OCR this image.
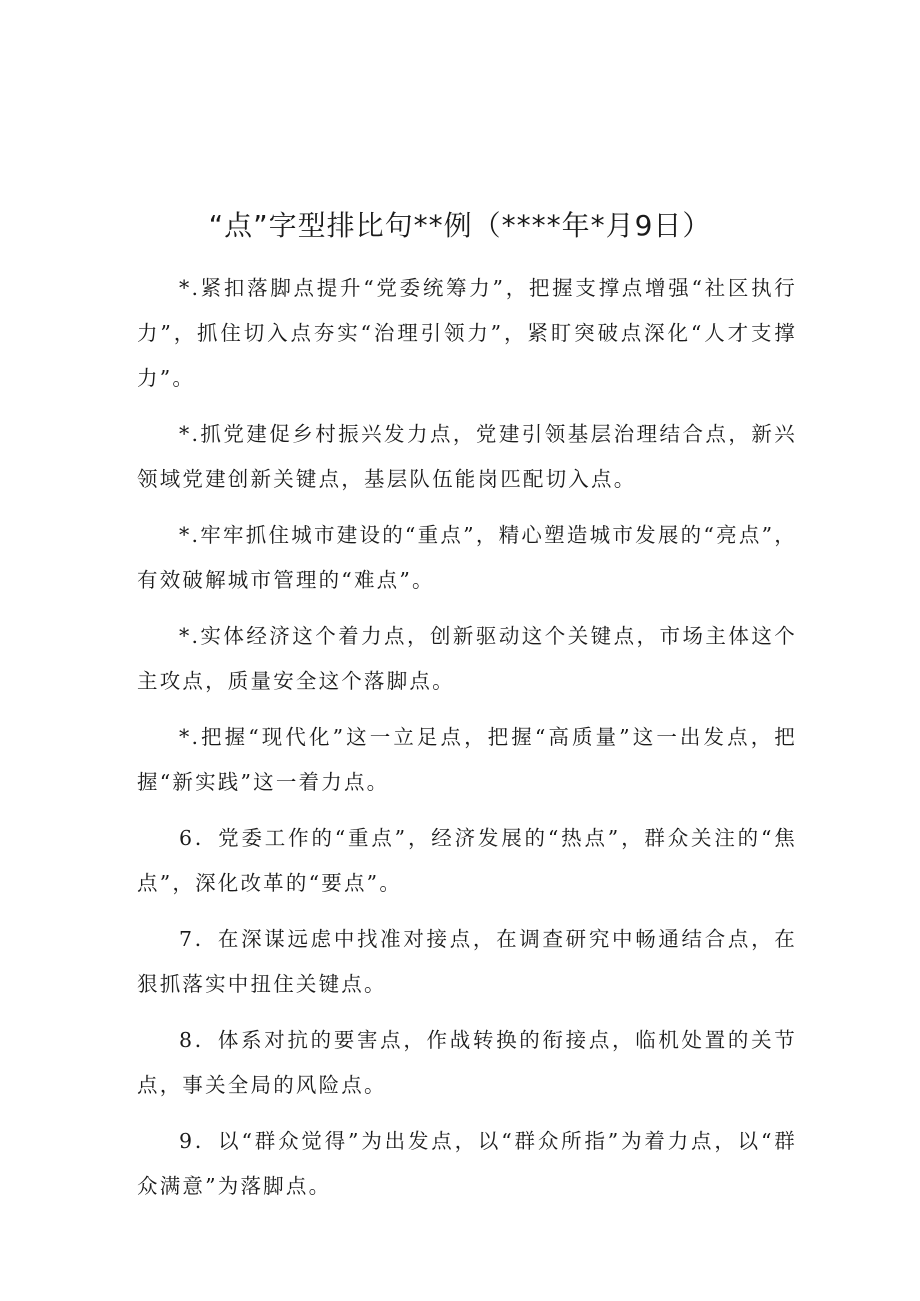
“点”字型排比句**例（****年*月9日）

*.紧扣落脚点提升“党委统筹力”，把握支撑点增强“社区执行力”，抓住切入点夯实“治理引领力”，紧盯突破点深化“人才支撑力”。

*.抓党建促乡村振兴发力点，党建引领基层治理结合点，新兴领域党建创新关键点，基层队伍能岗匹配切入点。

*.牢牢抓住城市建设的“重点”，精心塑造城市发展的“亮点”，有效破解城市管理的“难点”。

*.实体经济这个着力点，创新驱动这个关键点，市场主体这个主攻点，质量安全这个落脚点。

*.把握“现代化”这一立足点，把握“高质量”这一出发点，把握“新实践”这一着力点。

6．党委工作的“重点”，经济发展的“热点”，群众关注的“焦点”，深化改革的“要点”。

7．在深谋远虑中找准对接点，在调查研究中畅通结合点，在狠抓落实中扭住关键点。

8．体系对抗的要害点，作战转换的衔接点，临机处置的关节点，事关全局的风险点。

9．以“群众觉得”为出发点，以“群众所指”为着力点，以“群众满意”为落脚点。
